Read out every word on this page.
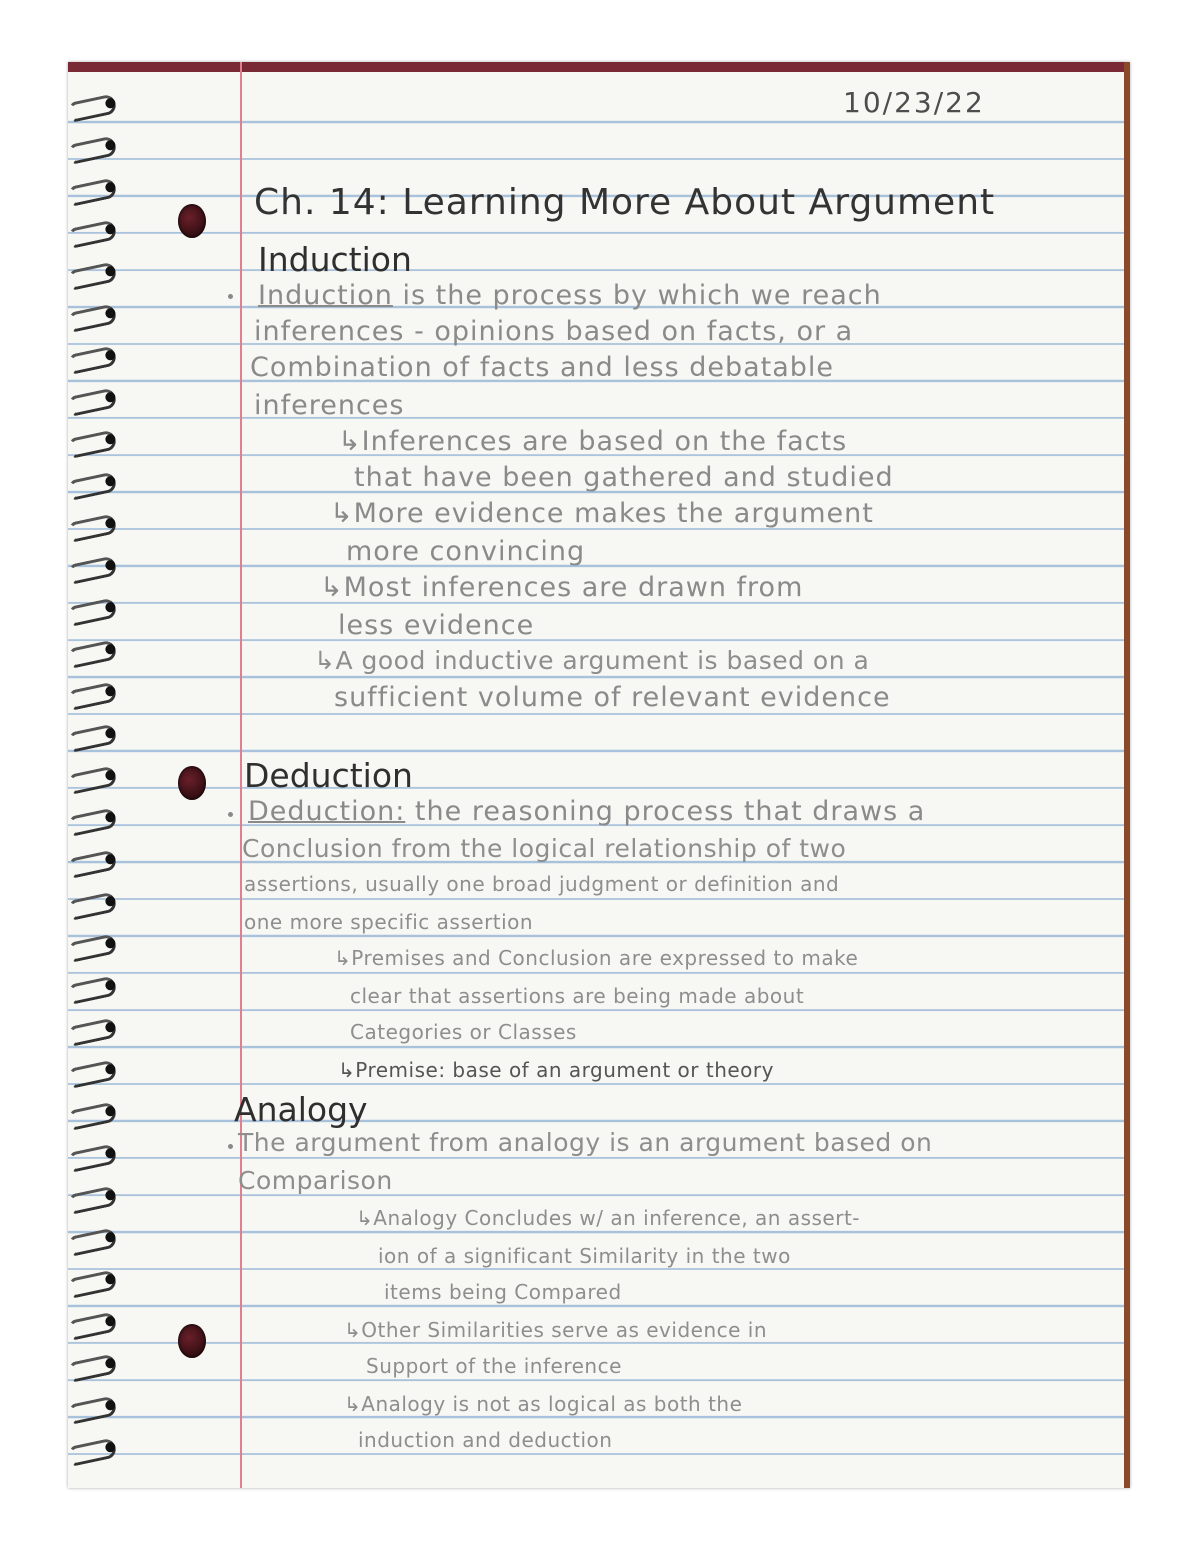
10/23/22
Ch. 14: Learning More About Argument
Induction
Induction is the process by which we reach
inferences - opinions based on facts, or a
Combination of facts and less debatable
inferences
↳Inferences are based on the facts
that have been gathered and studied
↳More evidence makes the argument
more convincing
↳Most inferences are drawn from
less evidence
↳A good inductive argument is based on a
sufficient volume of relevant evidence
Deduction
Deduction: the reasoning process that draws a
Conclusion from the logical relationship of two
assertions, usually one broad judgment or definition and
one more specific assertion
↳Premises and Conclusion are expressed to make
clear that assertions are being made about
Categories or Classes
↳Premise: base of an argument or theory
Analogy
The argument from analogy is an argument based on
Comparison
↳Analogy Concludes w/ an inference, an assert-
ion of a significant Similarity in the two
items being Compared
↳Other Similarities serve as evidence in
Support of the inference
↳Analogy is not as logical as both the
induction and deduction
